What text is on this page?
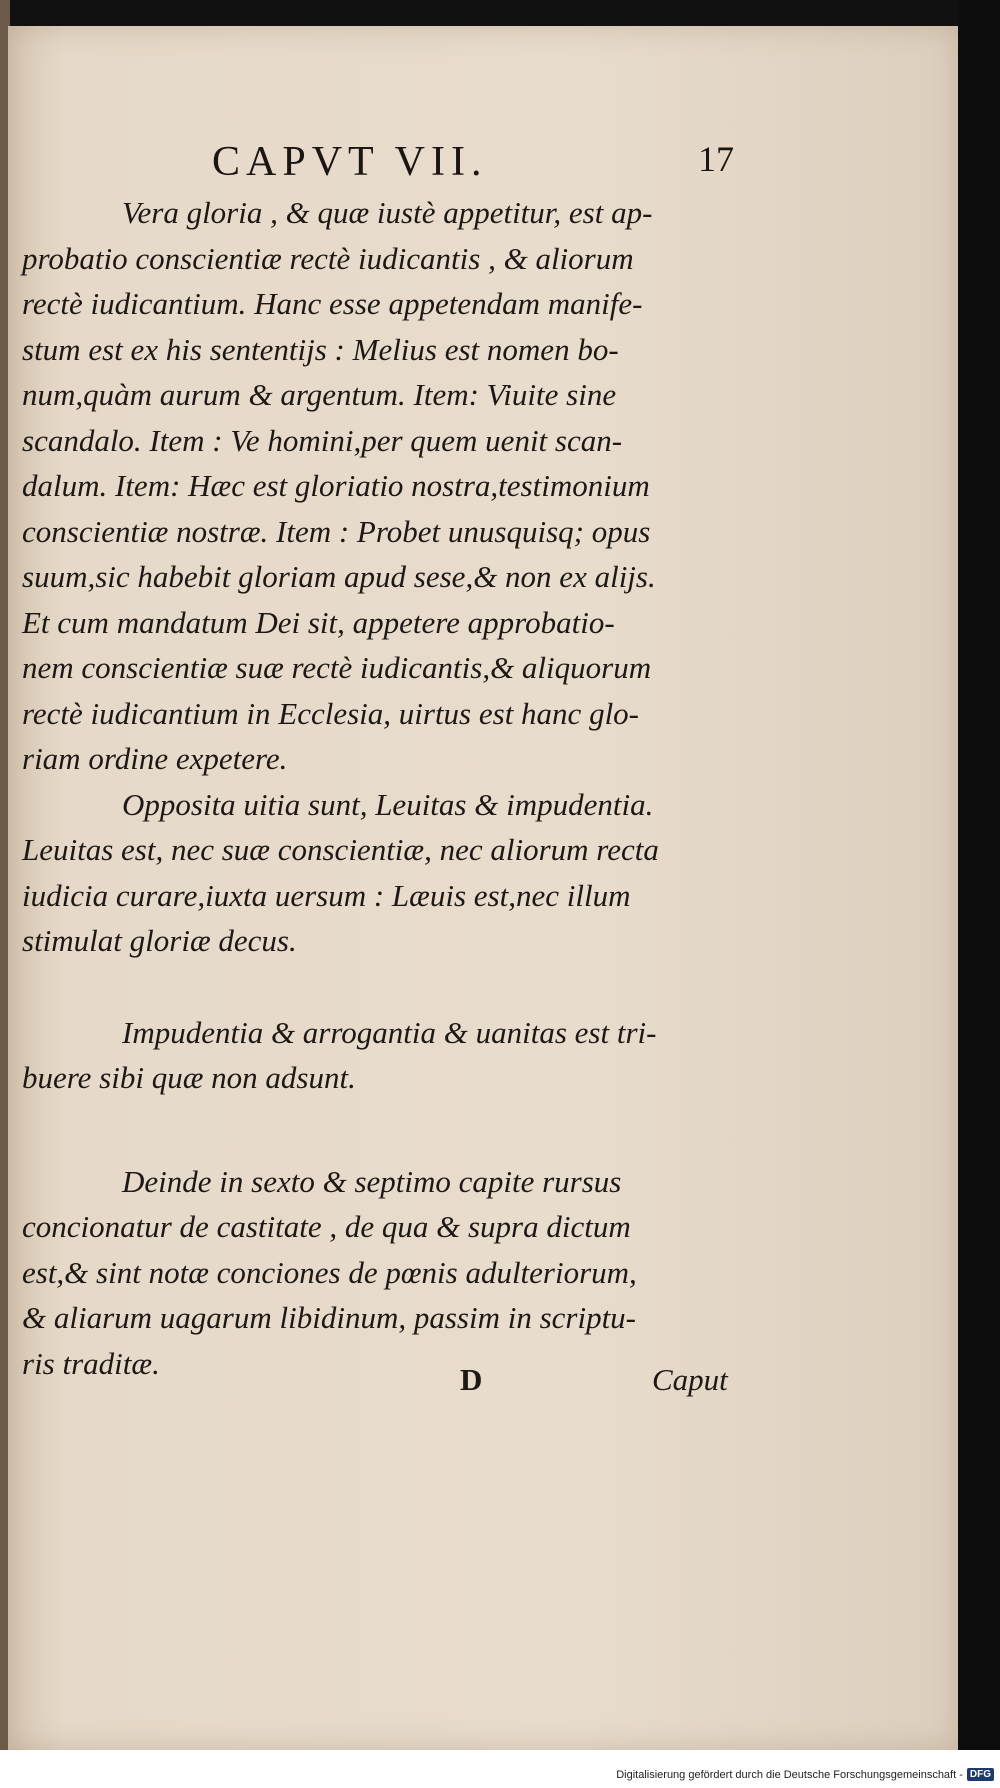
CAPVT VII.	17

Vera gloria , & quæ iustè appetitur, est ap-
probatio conscientiæ rectè iudicantis , & aliorum
rectè iudicantium. Hanc esse appetendam manife-
stum est ex his sententijs : Melius est nomen bo-
num,quàm aurum & argentum. Item: Viuite sine
scandalo. Item : Ve homini,per quem uenit scan-
dalum. Item: Hæc est gloriatio nostra,testimonium
conscientiæ nostræ. Item : Probet unusquisq; opus
suum,sic habebit gloriam apud sese,& non ex alijs.
Et cum mandatum Dei sit, appetere approbatio-
nem conscientiæ suæ rectè iudicantis,& aliquorum
rectè iudicantium in Ecclesia, uirtus est hanc glo-
riam ordine expetere.

Opposita uitia sunt, Leuitas & impudentia.
Leuitas est, nec suæ conscientiæ, nec aliorum recta
iudicia curare,iuxta uersum : Læuis est,nec illum
stimulat gloriæ decus.

Impudentia & arrogantia & uanitas est tri-
buere sibi quæ non adsunt.

Deinde in sexto & septimo capite rursus
concionatur de castitate , de qua & supra dictum
est,& sint notæ conciones de pœnis adulteriorum,
& aliarum uagarum libidinum, passim in scriptu-
ris traditæ.	D	Caput
Digitalisierung gefördert durch die Deutsche Forschungsgemeinschaft - DFG
